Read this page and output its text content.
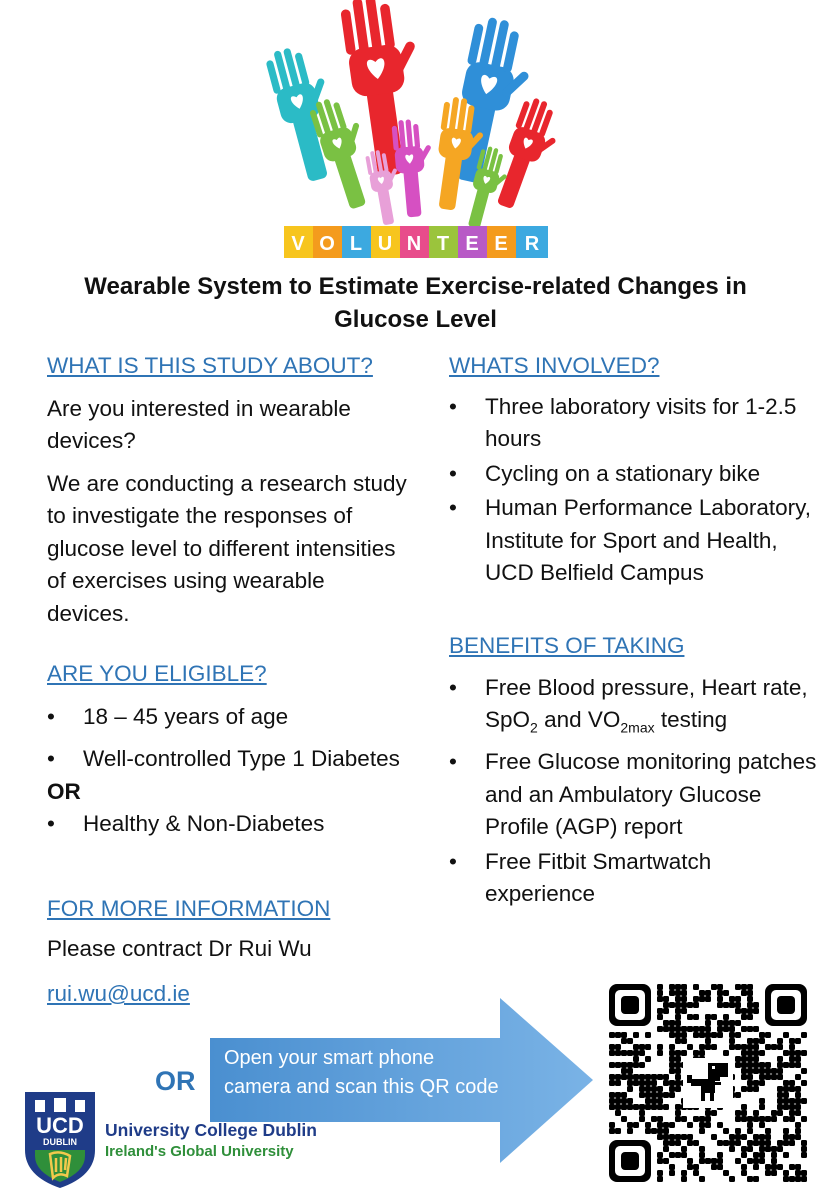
V O L U N T E E R
Wearable System to Estimate Exercise-related Changes in Glucose Level
WHAT IS THIS STUDY ABOUT?

Are you interested in wearable devices?

We are conducting a research study to investigate the responses of glucose level to different intensities of exercises using wearable devices.

ARE YOU ELIGIBLE?
• 18 – 45 years of age
• Well-controlled Type 1 Diabetes
OR
• Healthy & Non-Diabetes
FOR MORE INFORMATION
Please contract Dr Rui Wu
rui.wu@ucd.ie
WHATS INVOLVED?
• Three laboratory visits for 1-2.5 hours
• Cycling on a stationary bike
• Human Performance Laboratory, Institute for Sport and Health, UCD Belfield Campus
BENEFITS OF TAKING
• Free Blood pressure, Heart rate, SpO$_2$ and $VO_{2max}$ testing
• Free Glucose monitoring patches and an Ambulatory Glucose Profile (AGP) report
• Free Fitbit Smartwatch experience
OR
Open your smart phone camera and scan this QR code
UCD
DUBLIN
University College Dublin
Ireland's Global University
